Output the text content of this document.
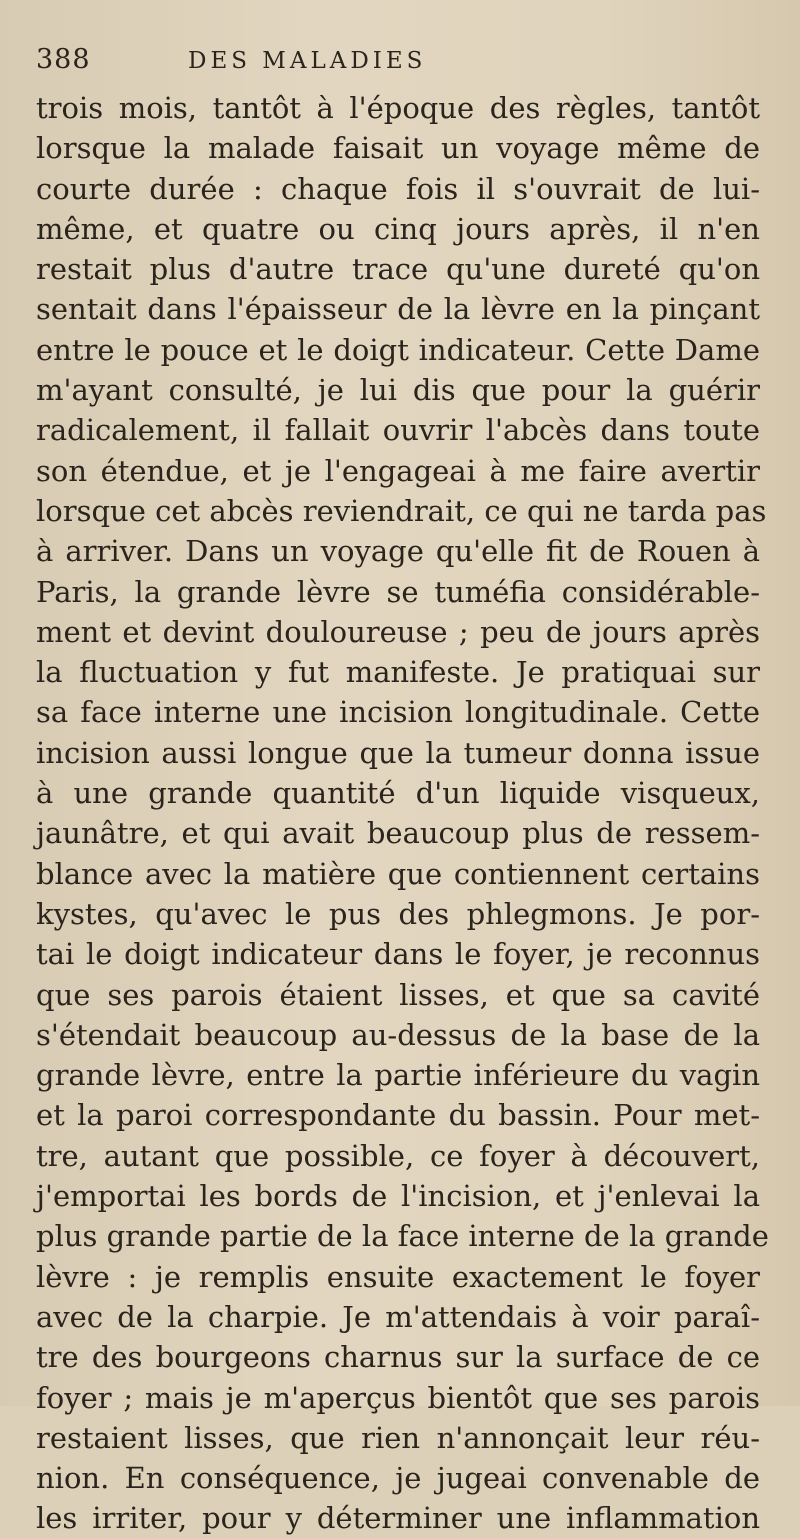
388	DES MALADIES
trois mois, tantôt à l'époque des règles, tantôt
lorsque la malade faisait un voyage même de
courte durée : chaque fois il s'ouvrait de lui-
même, et quatre ou cinq jours après, il n'en
restait plus d'autre trace qu'une dureté qu'on
sentait dans l'épaisseur de la lèvre en la pinçant
entre le pouce et le doigt indicateur. Cette Dame
m'ayant consulté, je lui dis que pour la guérir
radicalement, il fallait ouvrir l'abcès dans toute
son étendue, et je l'engageai à me faire avertir
lorsque cet abcès reviendrait, ce qui ne tarda pas
à arriver. Dans un voyage qu'elle fit de Rouen à
Paris, la grande lèvre se tuméfia considérable-
ment et devint douloureuse ; peu de jours après
la fluctuation y fut manifeste. Je pratiquai sur
sa face interne une incision longitudinale. Cette
incision aussi longue que la tumeur donna issue
à une grande quantité d'un liquide visqueux,
jaunâtre, et qui avait beaucoup plus de ressem-
blance avec la matière que contiennent certains
kystes, qu'avec le pus des phlegmons. Je por-
tai le doigt indicateur dans le foyer, je reconnus
que ses parois étaient lisses, et que sa cavité
s'étendait beaucoup au-dessus de la base de la
grande lèvre, entre la partie inférieure du vagin
et la paroi correspondante du bassin. Pour met-
tre, autant que possible, ce foyer à découvert,
j'emportai les bords de l'incision, et j'enlevai la
plus grande partie de la face interne de la grande
lèvre : je remplis ensuite exactement le foyer
avec de la charpie. Je m'attendais à voir paraî-
tre des bourgeons charnus sur la surface de ce
foyer ; mais je m'aperçus bientôt que ses parois
restaient lisses, que rien n'annonçait leur réu-
nion. En conséquence, je jugeai convenable de
les irriter, pour y déterminer une inflammation
